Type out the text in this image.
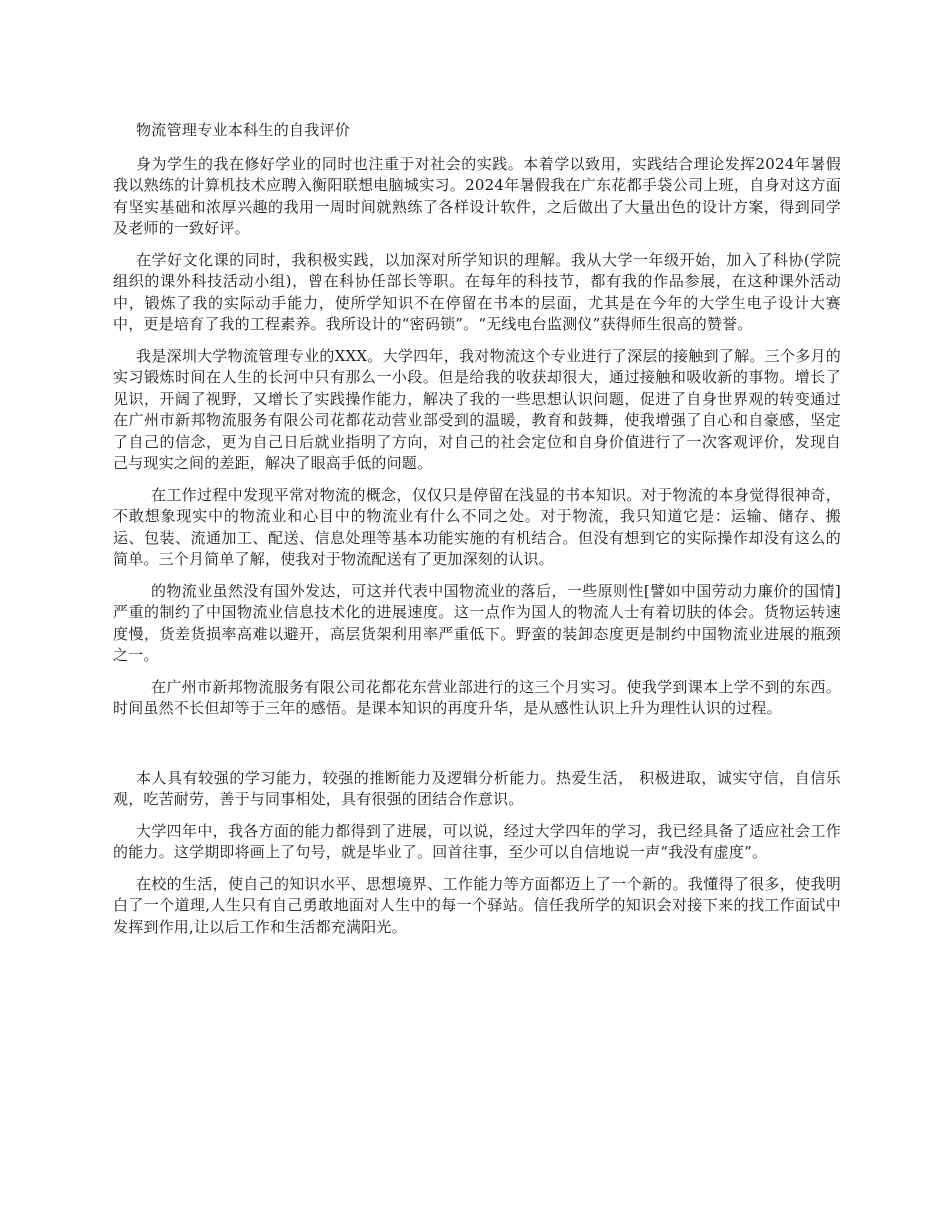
物流管理专业本科生的自我评价

身为学生的我在修好学业的同时也注重于对社会的实践。本着学以致用，实践结合理论发挥2024年暑假我以熟练的计算机技术应聘入衡阳联想电脑城实习。2024年暑假我在广东花都手袋公司上班，自身对这方面有坚实基础和浓厚兴趣的我用一周时间就熟练了各样设计软件，之后做出了大量出色的设计方案，得到同学及老师的一致好评。

在学好文化课的同时，我积极实践，以加深对所学知识的理解。我从大学一年级开始，加入了科协(学院组织的课外科技活动小组)，曾在科协任部长等职。在每年的科技节，都有我的作品参展，在这种课外活动中，锻炼了我的实际动手能力，使所学知识不在停留在书本的层面，尤其是在今年的大学生电子设计大赛中，更是培育了我的工程素养。我所设计的“密码锁”。“无线电台监测仪”获得师生很高的赞誉。

我是深圳大学物流管理专业的XXX。大学四年，我对物流这个专业进行了深层的接触到了解。三个多月的实习锻炼时间在人生的长河中只有那么一小段。但是给我的收获却很大，通过接触和吸收新的事物。增长了见识，开阔了视野，又增长了实践操作能力，解决了我的一些思想认识问题，促进了自身世界观的转变通过在广州市新邦物流服务有限公司花都花动营业部受到的温暖，教育和鼓舞，使我增强了自心和自豪感，坚定了自己的信念，更为自己日后就业指明了方向，对自己的社会定位和自身价值进行了一次客观评价，发现自己与现实之间的差距，解决了眼高手低的问题。

在工作过程中发现平常对物流的概念，仅仅只是停留在浅显的书本知识。对于物流的本身觉得很神奇，不敢想象现实中的物流业和心目中的物流业有什么不同之处。对于物流，我只知道它是：运输、储存、搬运、包装、流通加工、配送、信息处理等基本功能实施的有机结合。但没有想到它的实际操作却没有这么的简单。三个月简单了解，使我对于物流配送有了更加深刻的认识。

的物流业虽然没有国外发达，可这并代表中国物流业的落后，一些原则性[譬如中国劳动力廉价的国情]严重的制约了中国物流业信息技术化的进展速度。这一点作为国人的物流人士有着切肤的体会。货物运转速度慢，货差货损率高难以避开，高层货架利用率严重低下。野蛮的装卸态度更是制约中国物流业进展的瓶颈之一。

在广州市新邦物流服务有限公司花都花东营业部进行的这三个月实习。使我学到课本上学不到的东西。时间虽然不长但却等于三年的感悟。是课本知识的再度升华，是从感性认识上升为理性认识的过程。

本人具有较强的学习能力，较强的推断能力及逻辑分析能力。热爱生活， 积极进取，诚实守信，自信乐观，吃苦耐劳，善于与同事相处，具有很强的团结合作意识。

大学四年中，我各方面的能力都得到了进展，可以说，经过大学四年的学习，我已经具备了适应社会工作的能力。这学期即将画上了句号，就是毕业了。回首往事，至少可以自信地说一声“我没有虚度”。

在校的生活，使自己的知识水平、思想境界、工作能力等方面都迈上了一个新的。我懂得了很多，使我明白了一个道理,人生只有自己勇敢地面对人生中的每一个驿站。信任我所学的知识会对接下来的找工作面试中发挥到作用,让以后工作和生活都充满阳光。
